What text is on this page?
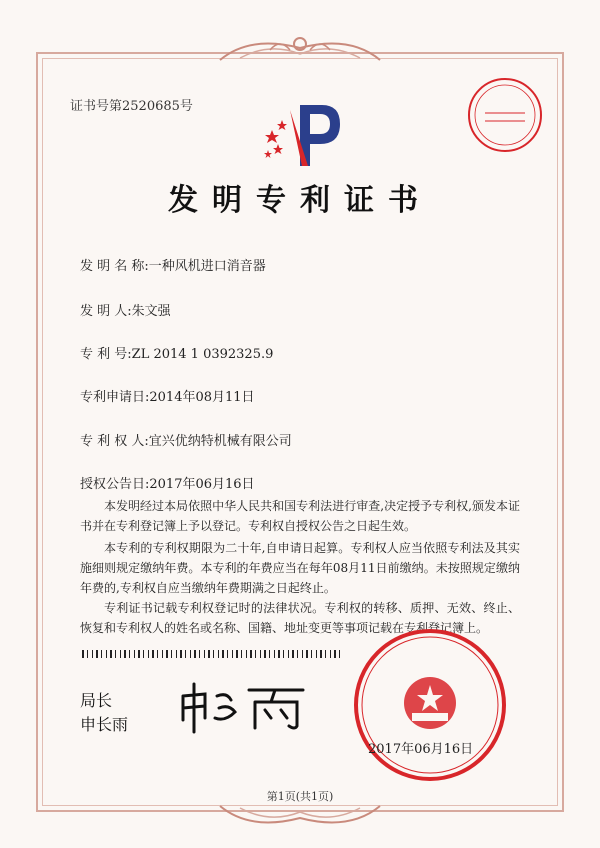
证书号第2520685号
发明专利证书
发 明 名 称:一种风机进口消音器
发 明 人:朱文强
专 利 号:ZL 2014 1 0392325.9
专利申请日:2014年08月11日
专 利 权 人:宜兴优纳特机械有限公司
授权公告日:2017年06月16日
本发明经过本局依照中华人民共和国专利法进行审查,决定授予专利权,颁发本证书并在专利登记簿上予以登记。专利权自授权公告之日起生效。
本专利的专利权期限为二十年,自申请日起算。专利权人应当依照专利法及其实施细则规定缴纳年费。本专利的年费应当在每年08月11日前缴纳。未按照规定缴纳年费的,专利权自应当缴纳年费期满之日起终止。
专利证书记载专利权登记时的法律状况。专利权的转移、质押、无效、终止、恢复和专利权人的姓名或名称、国籍、地址变更等事项记载在专利登记簿上。
局长
申长雨
2017年06月16日
第1页(共1页)
